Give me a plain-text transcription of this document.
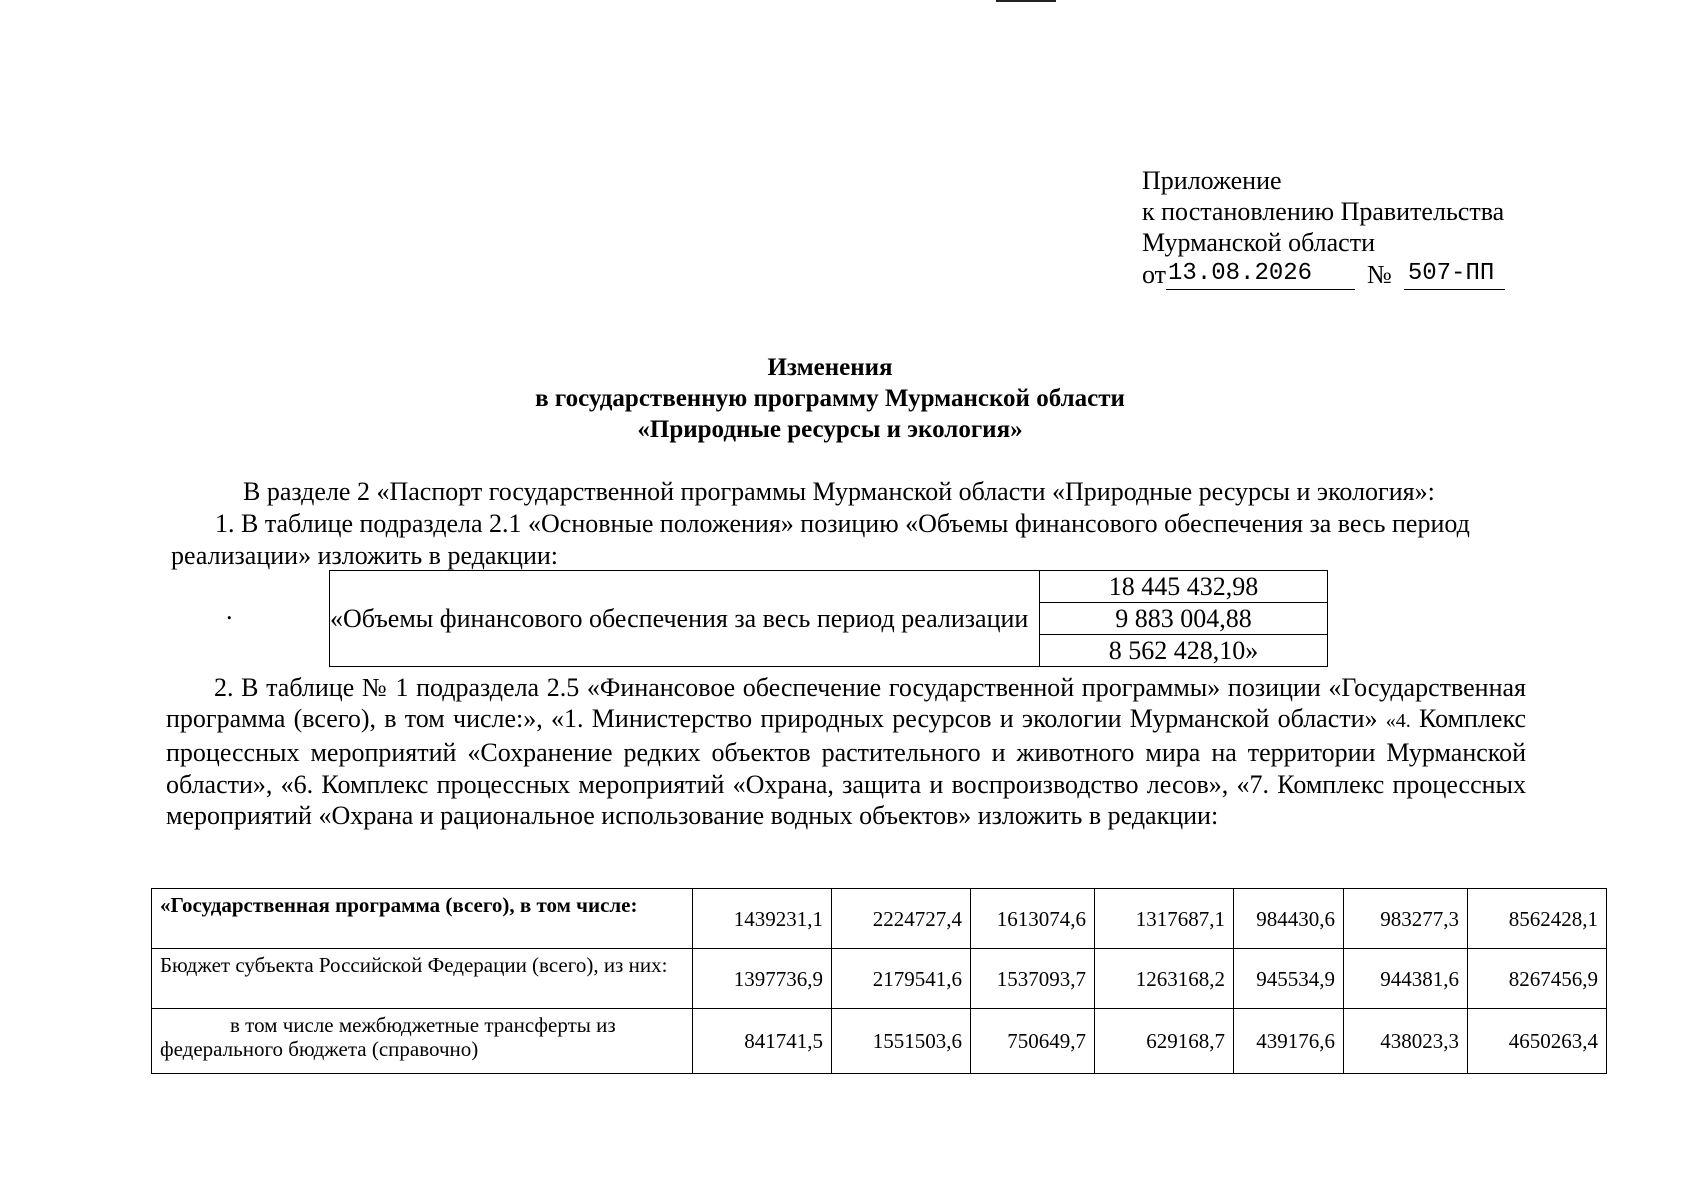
Приложение
к постановлению Правительства
Мурманской области
от 13.08.2026	№ 507-ПП
Изменения
в государственную программу Мурманской области
«Природные ресурсы и экология»
В разделе 2 «Паспорт государственной программы Мурманской области «Природные ресурсы и экология»:
1. В таблице подраздела 2.1 «Основные положения» позицию «Объемы финансового обеспечения за весь период
реализации» изложить в редакции:
.	«Объемы финансового обеспечения за весь период реализации	18 445 432,98
9 883 004,88
8 562 428,10»

2. В таблице № 1 подраздела 2.5 «Финансовое обеспечение государственной программы» позиции «Государственная программа (всего), в том числе:», «1. Министерство природных ресурсов и экологии Мурманской области» «4. Комплекс процессных мероприятий «Сохранение редких объектов растительного и животного мира на территории Мурманской области», «6. Комплекс процессных мероприятий «Охрана, защита и воспроизводство лесов», «7. Комплекс процессных мероприятий «Охрана и рациональное использование водных объектов» изложить в редакции:

«Государственная программа (всего), в том числе:	1439231,1	2224727,4	1613074,6	1317687,1	984430,6	983277,3	8562428,1
Бюджет субъекта Российской Федерации (всего), из них:	1397736,9	2179541,6	1537093,7	1263168,2	945534,9	944381,6	8267456,9
в том числе межбюджетные трансферты из федерального бюджета (справочно)	841741,5	1551503,6	750649,7	629168,7	439176,6	438023,3	4650263,4
